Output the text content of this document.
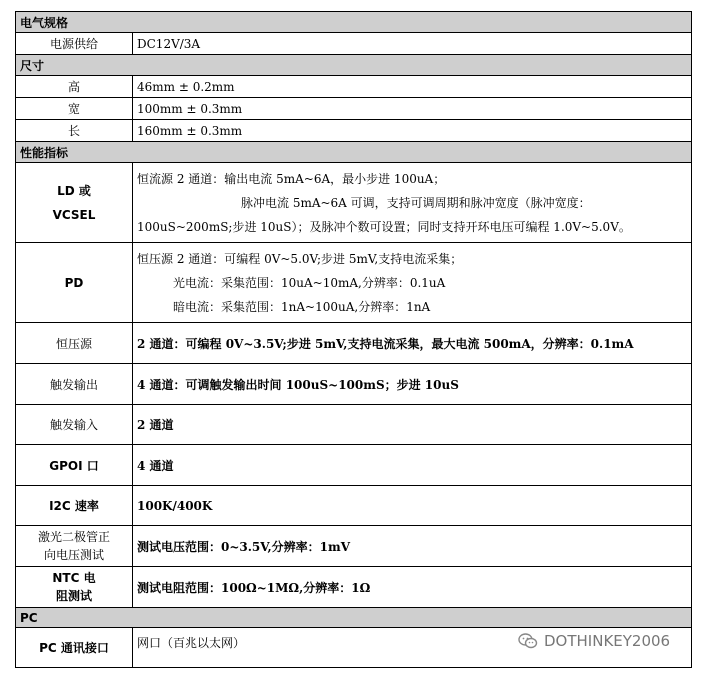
电气规格	
电源供给	DC12V/3A
尺寸	
高	46mm ± 0.2mm
宽	100mm ± 0.3mm
长	160mm ± 0.3mm
性能指标	

LD 或
VCSEL	恒流源 2 通道：输出电流 5mA~6A，最小步进 100uA；
脉冲电流 5mA~6A 可调，支持可调周期和脉冲宽度（脉冲宽度：
100uS~200mS;步进 10uS）；及脉冲个数可设置；同时支持开环电压可编程 1.0V~5.0V。

PD	恒压源 2 通道：可编程 0V~5.0V;步进 5mV,支持电流采集；
光电流：采集范围：10uA~10mA,分辨率：0.1uA
暗电流：采集范围：1nA~100uA,分辨率：1nA

恒压源	2 通道：可编程 0V~3.5V;步进 5mV,支持电流采集，最大电流 500mA，分辨率：0.1mA
触发输出	4 通道：可调触发输出时间 100uS~100mS；步进 10uS
触发输入	2 通道
GPOI 口	4 通道
I2C 速率	100K/400K
激光二极管正
向电压测试	测试电压范围：0~3.5V,分辨率：1mV
NTC 电
阻测试	测试电阻范围：100Ω~1MΩ,分辨率：1Ω
PC	
PC 通讯接口	网口（百兆以太网）	DOTHINKEY2006
